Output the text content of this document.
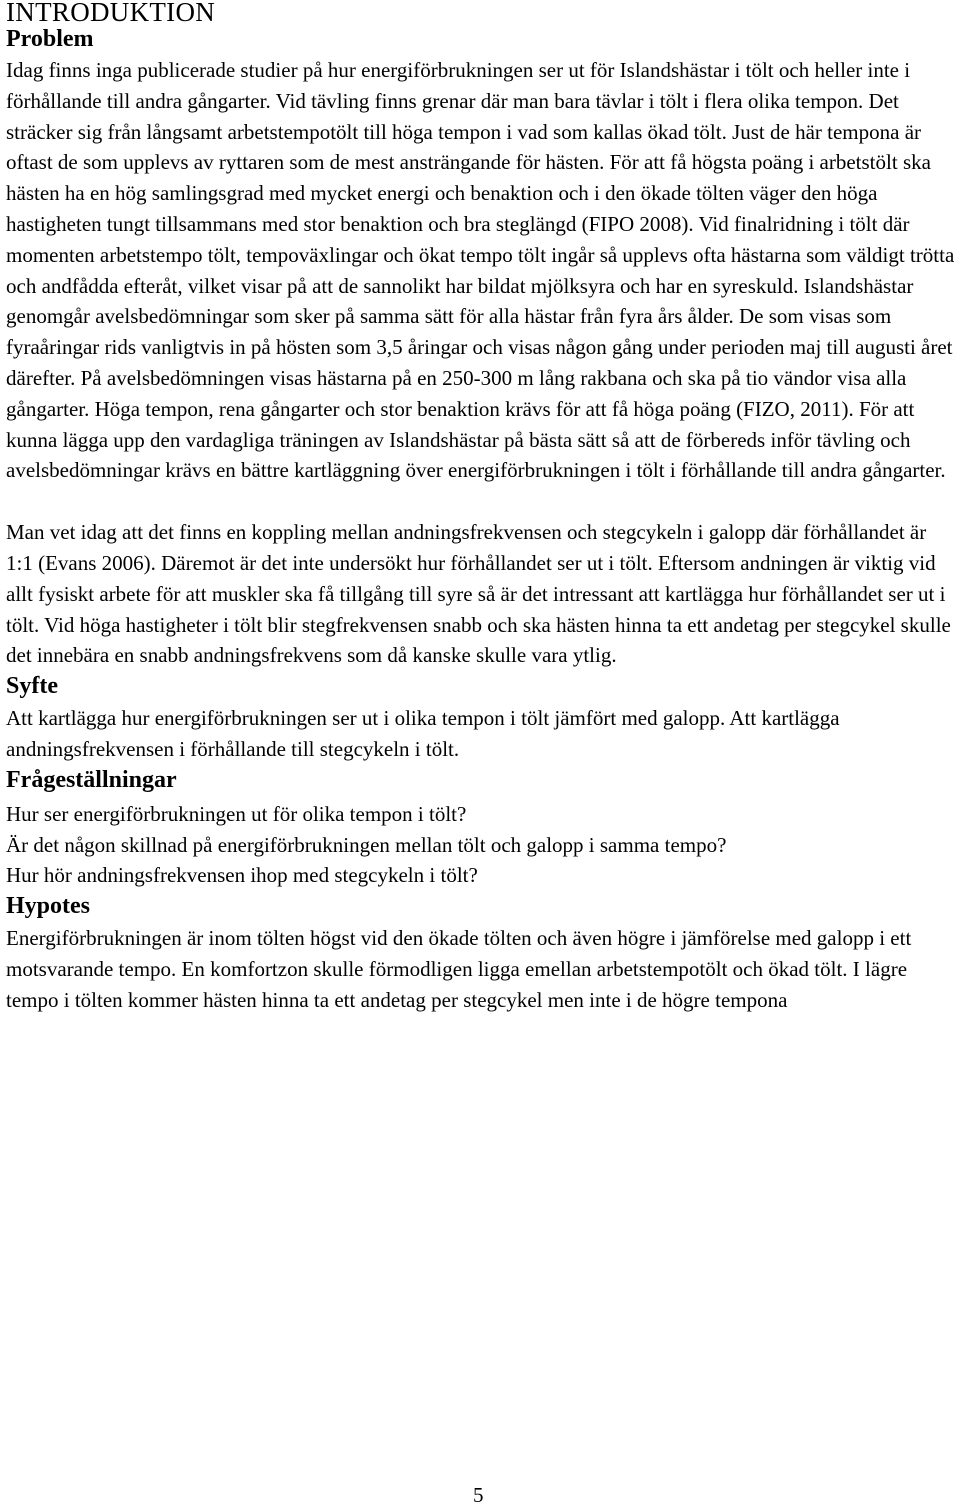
INTRODUKTION
Problem

Idag finns inga publicerade studier på hur energiförbrukningen ser ut för Islandshästar i tölt och heller inte i förhållande till andra gångarter. Vid tävling finns grenar där man bara tävlar i tölt i flera olika tempon. Det sträcker sig från långsamt arbetstempotölt till höga tempon i vad som kallas ökad tölt. Just de här tempona är oftast de som upplevs av ryttaren som de mest ansträngande för hästen. För att få högsta poäng i arbetstölt ska hästen ha en hög samlingsgrad med mycket energi och benaktion och i den ökade tölten väger den höga hastigheten tungt tillsammans med stor benaktion och bra steglängd (FIPO 2008). Vid finalridning i tölt där momenten arbetstempo tölt, tempoväxlingar och ökat tempo tölt ingår så upplevs ofta hästarna som väldigt trötta och andfådda efteråt, vilket visar på att de sannolikt har bildat mjölksyra och har en syreskuld. Islandshästar genomgår avelsbedömningar som sker på samma sätt för alla hästar från fyra års ålder. De som visas som fyraåringar rids vanligtvis in på hösten som 3,5 åringar och visas någon gång under perioden maj till augusti året därefter. På avelsbedömningen visas hästarna på en 250-300 m lång rakbana och ska på tio vändor visa alla gångarter. Höga tempon, rena gångarter och stor benaktion krävs för att få höga poäng (FIZO, 2011). För att kunna lägga upp den vardagliga träningen av Islandshästar på bästa sätt så att de förbereds inför tävling och avelsbedömningar krävs en bättre kartläggning över energiförbrukningen i tölt i förhållande till andra gångarter.

Man vet idag att det finns en koppling mellan andningsfrekvensen och stegcykeln i galopp där förhållandet är 1:1 (Evans 2006). Däremot är det inte undersökt hur förhållandet ser ut i tölt. Eftersom andningen är viktig vid allt fysiskt arbete för att muskler ska få tillgång till syre så är det intressant att kartlägga hur förhållandet ser ut i tölt. Vid höga hastigheter i tölt blir stegfrekvensen snabb och ska hästen hinna ta ett andetag per stegcykel skulle det innebära en snabb andningsfrekvens som då kanske skulle vara ytlig.

Syfte

Att kartlägga hur energiförbrukningen ser ut i olika tempon i tölt jämfört med galopp. Att kartlägga andningsfrekvensen i förhållande till stegcykeln i tölt.

Frågeställningar
Hur ser energiförbrukningen ut för olika tempon i tölt?
Är det någon skillnad på energiförbrukningen mellan tölt och galopp i samma tempo?
Hur hör andningsfrekvensen ihop med stegcykeln i tölt?
Hypotes

Energiförbrukningen är inom tölten högst vid den ökade tölten och även högre i jämförelse med galopp i ett motsvarande tempo. En komfortzon skulle förmodligen ligga emellan arbetstempotölt och ökad tölt. I lägre tempo i tölten kommer hästen hinna ta ett andetag per stegcykel men inte i de högre tempona

5
